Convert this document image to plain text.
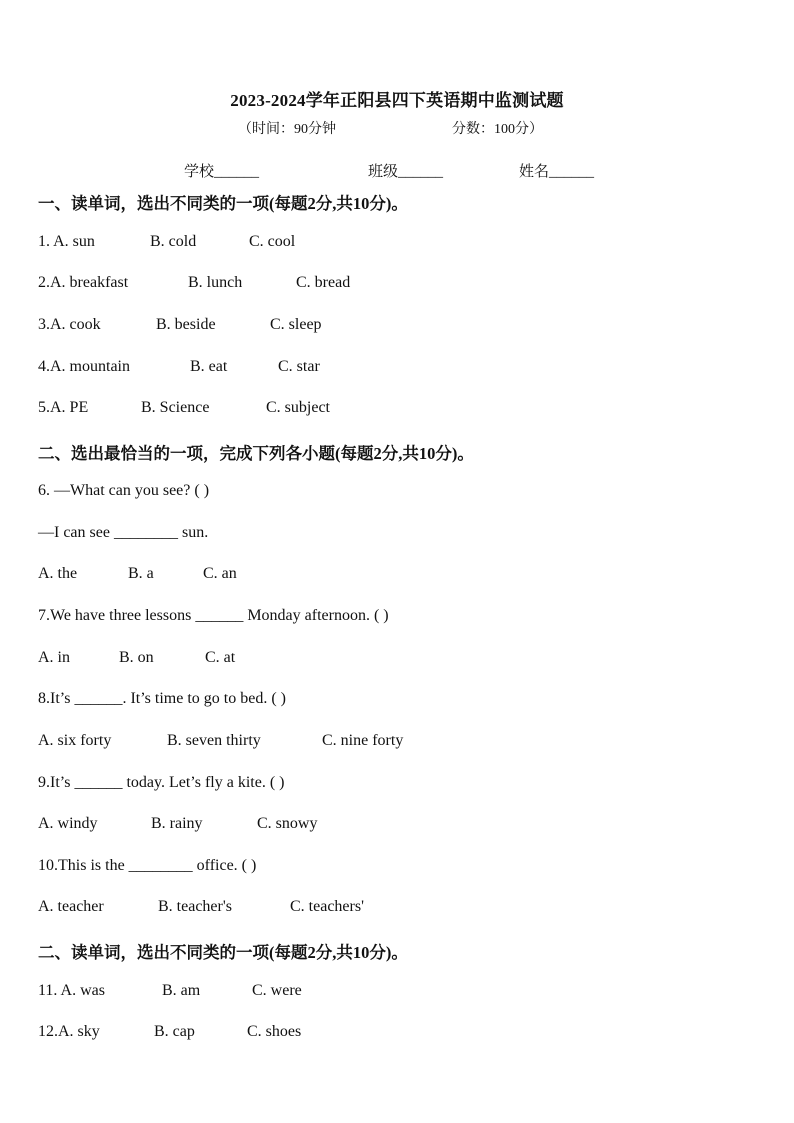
2023-2024学年正阳县四下英语期中监测试题
（时间：90分钟	分数：100分）
学校______	班级______	姓名______
一、读单词，选出不同类的一项(每题2分,共10分)。
1. A. sun	B. cold	C. cool
2.A. breakfast	B. lunch	C. bread
3.A. cook	B. beside	C. sleep
4.A. mountain	B. eat	C. star
5.A. PE	B. Science	C. subject
二、选出最恰当的一项，完成下列各小题(每题2分,共10分)。
6. —What can you see? ( )
—I can see ________ sun.
A. the	B. a	C. an
7.We have three lessons ______ Monday afternoon. ( )
A. in	B. on	C. at
8.It’s ______. It’s time to go to bed. ( )
A. six forty	B. seven thirty	C. nine forty
9.It’s ______ today. Let’s fly a kite. ( )
A. windy	B. rainy	C. snowy
10.This is the ________ office. ( )
A. teacher	B. teacher's	C. teachers'
二、读单词，选出不同类的一项(每题2分,共10分)。
11. A. was	B. am	C. were
12.A. sky	B. cap	C. shoes
